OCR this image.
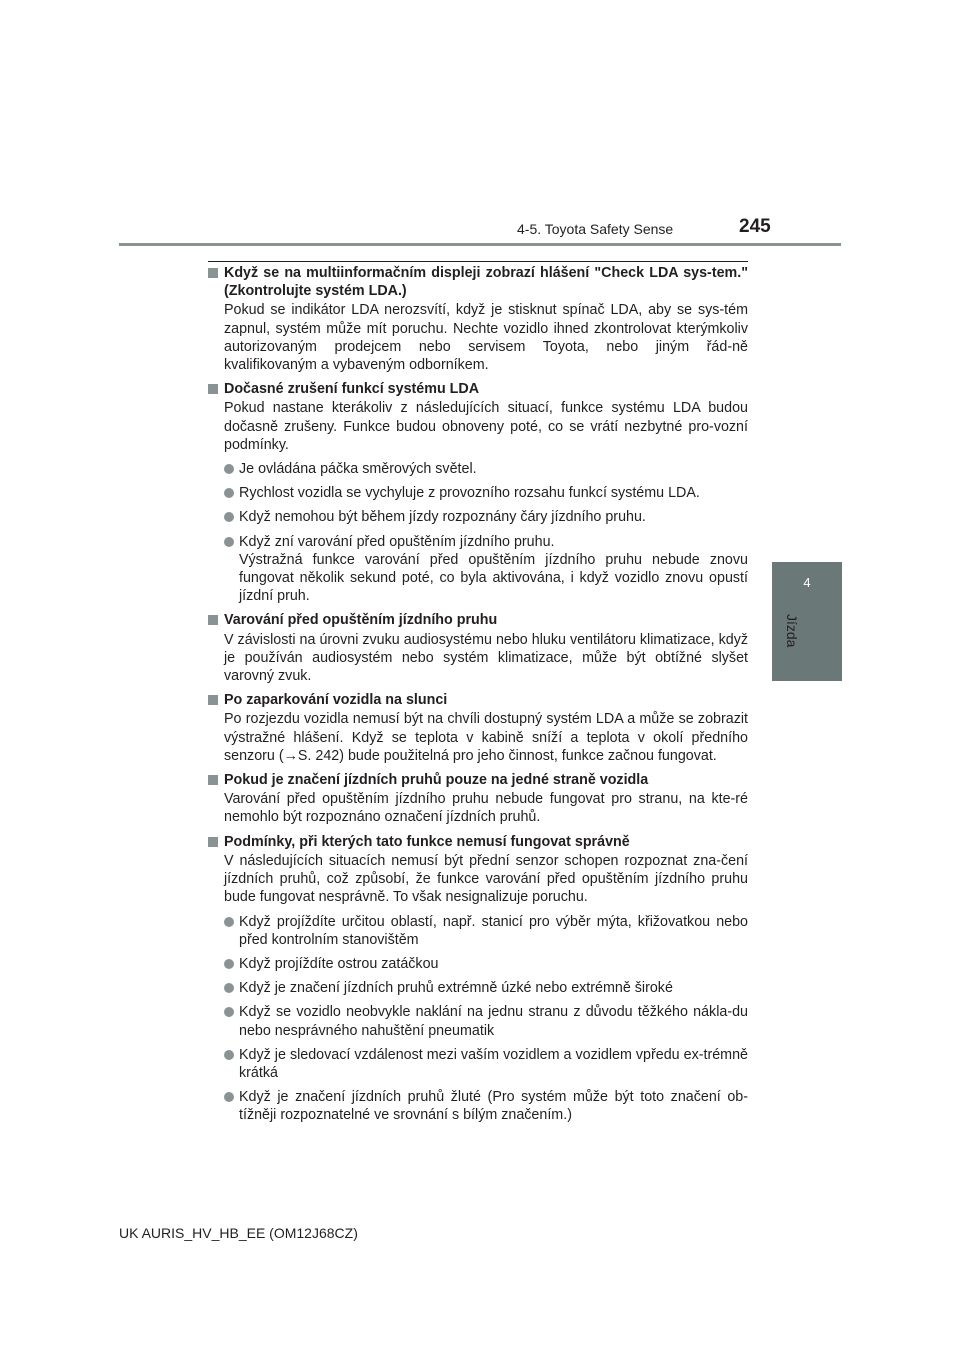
4-5. Toyota Safety Sense	245
4
Jízda
Když se na multiinformačním displeji zobrazí hlášení "Check LDA sys-tem." (Zkontrolujte systém LDA.)
Pokud se indikátor LDA nerozsvítí, když je stisknut spínač LDA, aby se sys-tém zapnul, systém může mít poruchu. Nechte vozidlo ihned zkontrolovat kterýmkoliv autorizovaným prodejcem nebo servisem Toyota, nebo jiným řád-ně kvalifikovaným a vybaveným odborníkem.
Dočasné zrušení funkcí systému LDA
Pokud nastane kterákoliv z následujících situací, funkce systému LDA budou dočasně zrušeny. Funkce budou obnoveny poté, co se vrátí nezbytné pro-vozní podmínky.
Je ovládána páčka směrových světel.
Rychlost vozidla se vychyluje z provozního rozsahu funkcí systému LDA.
Když nemohou být během jízdy rozpoznány čáry jízdního pruhu.
Když zní varování před opuštěním jízdního pruhu.
Výstražná funkce varování před opuštěním jízdního pruhu nebude znovu fungovat několik sekund poté, co byla aktivována, i když vozidlo znovu opustí jízdní pruh.
Varování před opuštěním jízdního pruhu
V závislosti na úrovni zvuku audiosystému nebo hluku ventilátoru klimatizace, když je používán audiosystém nebo systém klimatizace, může být obtížné slyšet varovný zvuk.
Po zaparkování vozidla na slunci
Po rozjezdu vozidla nemusí být na chvíli dostupný systém LDA a může se zobrazit výstražné hlášení. Když se teplota v kabině sníží a teplota v okolí předního senzoru (→S. 242) bude použitelná pro jeho činnost, funkce začnou fungovat.
Pokud je značení jízdních pruhů pouze na jedné straně vozidla
Varování před opuštěním jízdního pruhu nebude fungovat pro stranu, na kte-ré nemohlo být rozpoznáno označení jízdních pruhů.
Podmínky, při kterých tato funkce nemusí fungovat správně
V následujících situacích nemusí být přední senzor schopen rozpoznat zna-čení jízdních pruhů, což způsobí, že funkce varování před opuštěním jízdního pruhu bude fungovat nesprávně. To však nesignalizuje poruchu.
Když projíždíte určitou oblastí, např. stanicí pro výběr mýta, křižovatkou nebo před kontrolním stanovištěm
Když projíždíte ostrou zatáčkou
Když je značení jízdních pruhů extrémně úzké nebo extrémně široké
Když se vozidlo neobvykle naklání na jednu stranu z důvodu těžkého nákla-du nebo nesprávného nahuštění pneumatik
Když je sledovací vzdálenost mezi vaším vozidlem a vozidlem vpředu ex-trémně krátká
Když je značení jízdních pruhů žluté (Pro systém může být toto značení ob-tížněji rozpoznatelné ve srovnání s bílým značením.)
UK AURIS_HV_HB_EE (OM12J68CZ)
